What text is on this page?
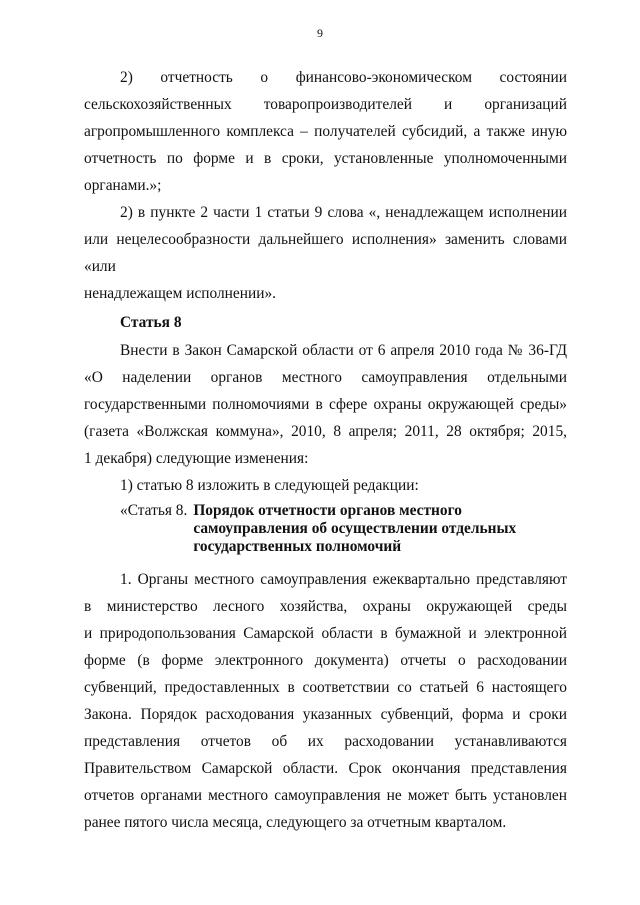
9
2) отчетность о финансово-экономическом состоянии
сельскохозяйственных товаропроизводителей и организаций
агропромышленного комплекса – получателей субсидий, а также иную
отчетность по форме и в сроки, установленные уполномоченными
органами.»;
2) в пункте 2 части 1 статьи 9 слова «, ненадлежащем исполнении
или нецелесообразности дальнейшего исполнения» заменить словами «или
ненадлежащем исполнении».
Статья 8
Внести в Закон Самарской области от 6 апреля 2010 года № 36-ГД
«О наделении органов местного самоуправления отдельными
государственными полномочиями в сфере охраны окружающей среды»
(газета «Волжская коммуна», 2010, 8 апреля; 2011, 28 октября; 2015,
1 декабря) следующие изменения:
1) статью 8 изложить в следующей редакции:
«Статья 8. Порядок отчетности органов местного
самоуправления об осуществлении отдельных
государственных полномочий
1. Органы местного самоуправления ежеквартально представляют
в министерство лесного хозяйства, охраны окружающей среды
и природопользования Самарской области в бумажной и электронной
форме (в форме электронного документа) отчеты о расходовании
субвенций, предоставленных в соответствии со статьей 6 настоящего
Закона. Порядок расходования указанных субвенций, форма и сроки
представления отчетов об их расходовании устанавливаются
Правительством Самарской области. Срок окончания представления
отчетов органами местного самоуправления не может быть установлен
ранее пятого числа месяца, следующего за отчетным кварталом.
